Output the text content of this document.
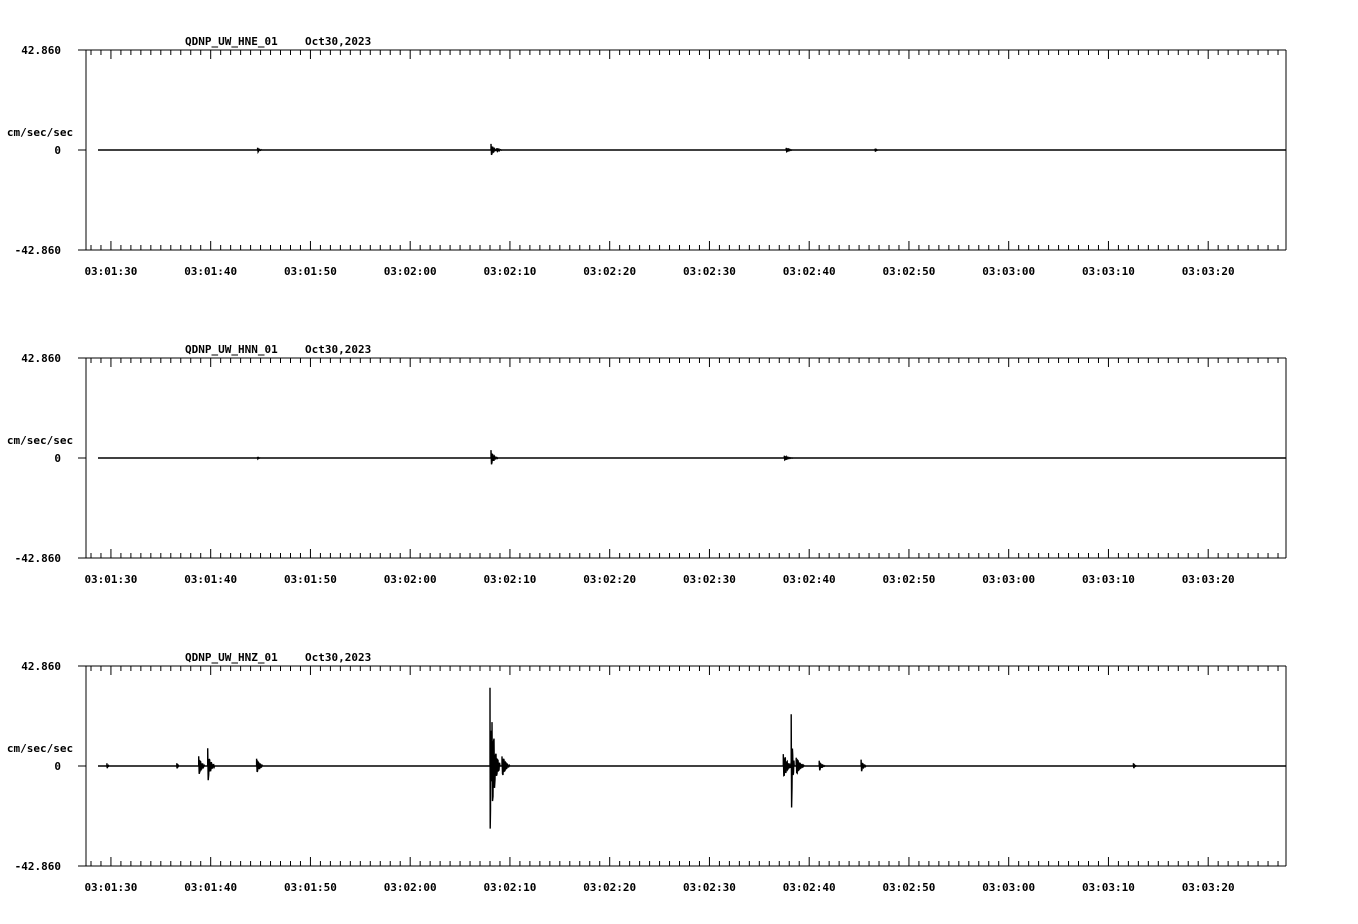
QDNP_UW_HNE_01 Oct30,2023
42.860
0
-42.860
cm/sec/sec
03:01:30	03:01:40	03:01:50	03:02:00	03:02:10	03:02:20	03:02:30	03:02:40	03:02:50	03:03:00	03:03:10	03:03:20
QDNP_UW_HNN_01 Oct30,2023
42.860
0
-42.860
cm/sec/sec
03:01:30	03:01:40	03:01:50	03:02:00	03:02:10	03:02:20	03:02:30	03:02:40	03:02:50	03:03:00	03:03:10	03:03:20
QDNP_UW_HNZ_01 Oct30,2023
42.860
0
-42.860
cm/sec/sec
03:01:30	03:01:40	03:01:50	03:02:00	03:02:10	03:02:20	03:02:30	03:02:40	03:02:50	03:03:00	03:03:10	03:03:20
